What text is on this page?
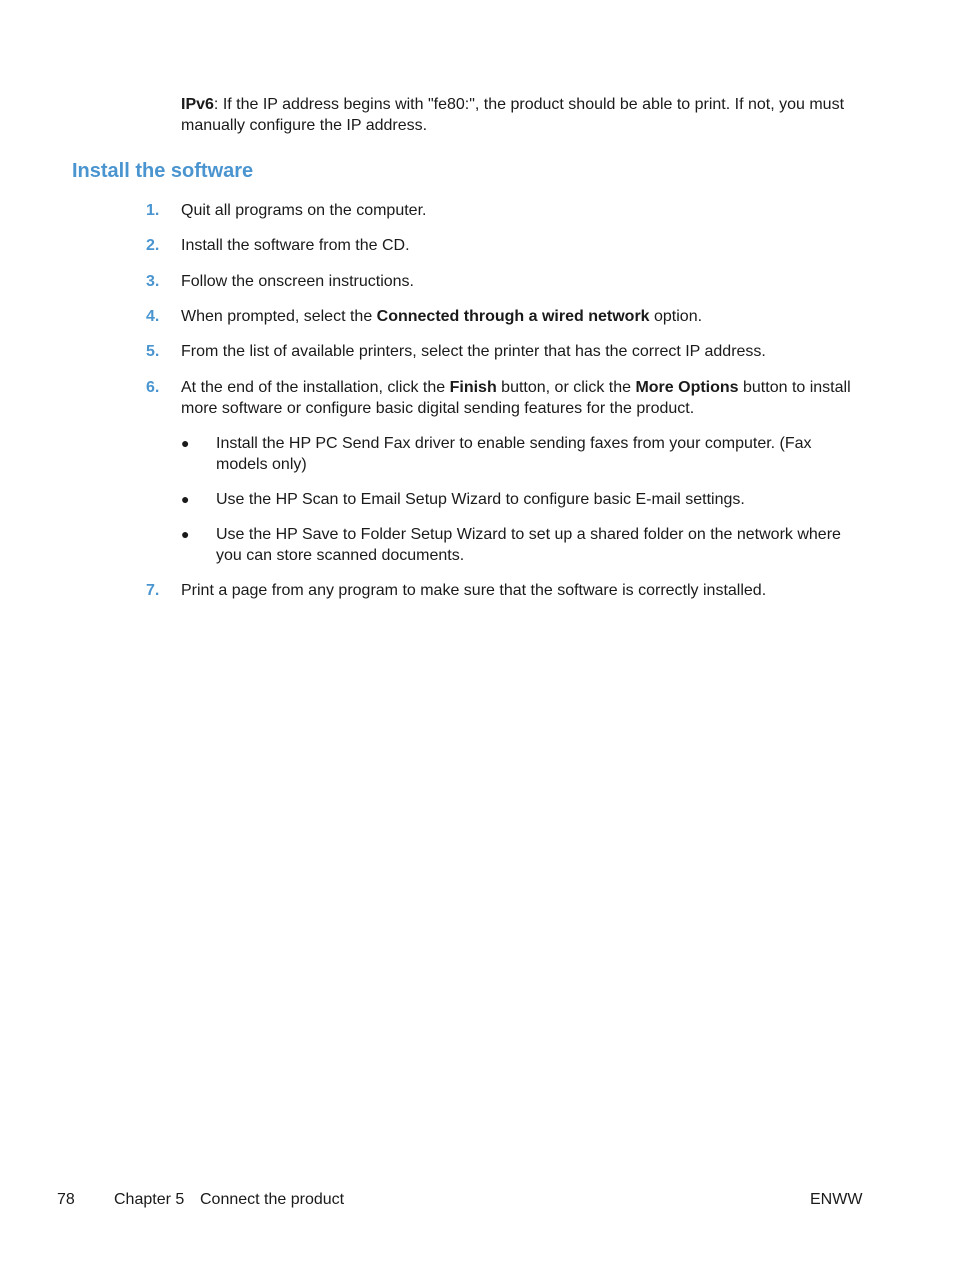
IPv6: If the IP address begins with "fe80:", the product should be able to print. If not, you must manually configure the IP address.

Install the software
1.	Quit all programs on the computer.
2.	Install the software from the CD.
3.	Follow the onscreen instructions.
4.	When prompted, select the Connected through a wired network option.
5.	From the list of available printers, select the printer that has the correct IP address.
6.	At the end of the installation, click the Finish button, or click the More Options button to install more software or configure basic digital sending features for the product.
● Install the HP PC Send Fax driver to enable sending faxes from your computer. (Fax models only)
● Use the HP Scan to Email Setup Wizard to configure basic E-mail settings.
● Use the HP Save to Folder Setup Wizard to set up a shared folder on the network where you can store scanned documents.
7.	Print a page from any program to make sure that the software is correctly installed.
78 Chapter 5 Connect the product	ENWW
